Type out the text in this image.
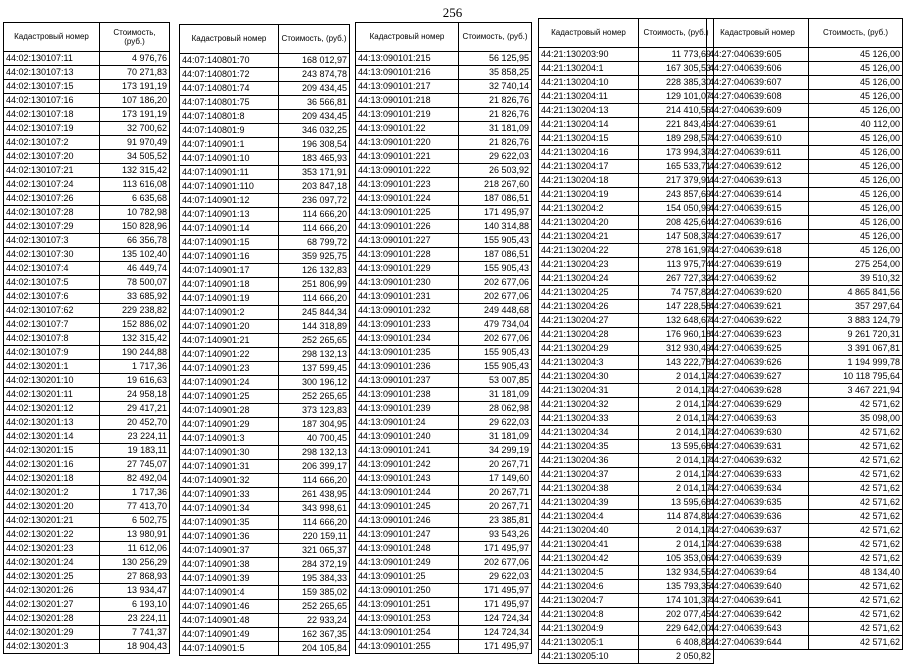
256
Кадастровый номер	Стоимость, (руб.)
44:02:130107:11	4 976,76
44:02:130107:13	70 271,83
44:02:130107:15	173 191,19
44:02:130107:16	107 186,20
44:02:130107:18	173 191,19
44:02:130107:19	32 700,62
44:02:130107:2	91 970,49
44:02:130107:20	34 505,52
44:02:130107:21	132 315,42
44:02:130107:24	113 616,08
44:02:130107:26	6 635,68
44:02:130107:28	10 782,98
44:02:130107:29	150 828,96
44:02:130107:3	66 356,78
44:02:130107:30	135 102,40
44:02:130107:4	46 449,74
44:02:130107:5	78 500,07
44:02:130107:6	33 685,92
44:02:130107:62	229 238,82
44:02:130107:7	152 886,02
44:02:130107:8	132 315,42
44:02:130107:9	190 244,88
44:02:130201:1	1 717,36
44:02:130201:10	19 616,63
44:02:130201:11	24 958,18
44:02:130201:12	29 417,21
44:02:130201:13	20 452,70
44:02:130201:14	23 224,11
44:02:130201:15	19 183,11
44:02:130201:16	27 745,07
44:02:130201:18	82 492,04
44:02:130201:2	1 717,36
44:02:130201:20	77 413,70
44:02:130201:21	6 502,75
44:02:130201:22	13 980,91
44:02:130201:23	11 612,06
44:02:130201:24	130 256,29
44:02:130201:25	27 868,93
44:02:130201:26	13 934,47
44:02:130201:27	6 193,10
44:02:130201:28	23 224,11
44:02:130201:29	7 741,37
44:02:130201:3	18 904,43
Кадастровый номер	Стоимость, (руб.)
44:07:140801:70	168 012,97
44:07:140801:72	243 874,78
44:07:140801:74	209 434,45
44:07:140801:75	36 566,81
44:07:140801:8	209 434,45
44:07:140801:9	346 032,25
44:07:140901:1	196 308,54
44:07:140901:10	183 465,93
44:07:140901:11	353 171,91
44:07:140901:110	203 847,18
44:07:140901:12	236 097,72
44:07:140901:13	114 666,20
44:07:140901:14	114 666,20
44:07:140901:15	68 799,72
44:07:140901:16	359 925,75
44:07:140901:17	126 132,83
44:07:140901:18	251 806,99
44:07:140901:19	114 666,20
44:07:140901:2	245 844,34
44:07:140901:20	144 318,89
44:07:140901:21	252 265,65
44:07:140901:22	298 132,13
44:07:140901:23	137 599,45
44:07:140901:24	300 196,12
44:07:140901:25	252 265,65
44:07:140901:28	373 123,83
44:07:140901:29	187 304,95
44:07:140901:3	40 700,45
44:07:140901:30	298 132,13
44:07:140901:31	206 399,17
44:07:140901:32	114 666,20
44:07:140901:33	261 438,95
44:07:140901:34	343 998,61
44:07:140901:35	114 666,20
44:07:140901:36	220 159,11
44:07:140901:37	321 065,37
44:07:140901:38	284 372,19
44:07:140901:39	195 384,33
44:07:140901:4	159 385,02
44:07:140901:46	252 265,65
44:07:140901:48	22 933,24
44:07:140901:49	162 367,35
44:07:140901:5	204 105,84
Кадастровый номер	Стоимость, (руб.)
44:13:090101:215	56 125,95
44:13:090101:216	35 858,25
44:13:090101:217	32 740,14
44:13:090101:218	21 826,76
44:13:090101:219	21 826,76
44:13:090101:22	31 181,09
44:13:090101:220	21 826,76
44:13:090101:221	29 622,03
44:13:090101:222	26 503,92
44:13:090101:223	218 267,60
44:13:090101:224	187 086,51
44:13:090101:225	171 495,97
44:13:090101:226	140 314,88
44:13:090101:227	155 905,43
44:13:090101:228	187 086,51
44:13:090101:229	155 905,43
44:13:090101:230	202 677,06
44:13:090101:231	202 677,06
44:13:090101:232	249 448,68
44:13:090101:233	479 734,04
44:13:090101:234	202 677,06
44:13:090101:235	155 905,43
44:13:090101:236	155 905,43
44:13:090101:237	53 007,85
44:13:090101:238	31 181,09
44:13:090101:239	28 062,98
44:13:090101:24	29 622,03
44:13:090101:240	31 181,09
44:13:090101:241	34 299,19
44:13:090101:242	20 267,71
44:13:090101:243	17 149,60
44:13:090101:244	20 267,71
44:13:090101:245	20 267,71
44:13:090101:246	23 385,81
44:13:090101:247	93 543,26
44:13:090101:248	171 495,97
44:13:090101:249	202 677,06
44:13:090101:25	29 622,03
44:13:090101:250	171 495,97
44:13:090101:251	171 495,97
44:13:090101:253	124 724,34
44:13:090101:254	124 724,34
44:13:090101:255	171 495,97
Кадастровый номер	Стоимость, (руб.)
44:21:130203:90	11 773,69
44:21:130204:1	167 305,53
44:21:130204:10	228 385,30
44:21:130204:11	129 101,07
44:21:130204:13	214 410,56
44:21:130204:14	221 843,46
44:21:130204:15	189 298,57
44:21:130204:16	173 994,37
44:21:130204:17	165 533,71
44:21:130204:18	217 379,91
44:21:130204:19	243 857,69
44:21:130204:2	154 050,99
44:21:130204:20	208 425,64
44:21:130204:21	147 508,37
44:21:130204:22	278 161,97
44:21:130204:23	113 975,74
44:21:130204:24	267 727,32
44:21:130204:25	74 757,82
44:21:130204:26	147 228,58
44:21:130204:27	132 648,67
44:21:130204:28	176 960,18
44:21:130204:29	312 930,49
44:21:130204:3	143 222,78
44:21:130204:30	2 014,17
44:21:130204:31	2 014,17
44:21:130204:32	2 014,17
44:21:130204:33	2 014,17
44:21:130204:34	2 014,17
44:21:130204:35	13 595,68
44:21:130204:36	2 014,17
44:21:130204:37	2 014,17
44:21:130204:38	2 014,17
44:21:130204:39	13 595,68
44:21:130204:4	114 874,81
44:21:130204:40	2 014,17
44:21:130204:41	2 014,17
44:21:130204:42	105 353,06
44:21:130204:5	132 934,55
44:21:130204:6	135 793,35
44:21:130204:7	174 101,37
44:21:130204:8	202 077,45
44:21:130204:9	229 642,00
44:21:130205:1	6 408,82
44:21:130205:10	2 050,82
Кадастровый номер	Стоимость, (руб.)
44:27:040639:605	45 126,00
44:27:040639:606	45 126,00
44:27:040639:607	45 126,00
44:27:040639:608	45 126,00
44:27:040639:609	45 126,00
44:27:040639:61	40 112,00
44:27:040639:610	45 126,00
44:27:040639:611	45 126,00
44:27:040639:612	45 126,00
44:27:040639:613	45 126,00
44:27:040639:614	45 126,00
44:27:040639:615	45 126,00
44:27:040639:616	45 126,00
44:27:040639:617	45 126,00
44:27:040639:618	45 126,00
44:27:040639:619	275 254,00
44:27:040639:62	39 510,32
44:27:040639:620	4 865 841,56
44:27:040639:621	357 297,64
44:27:040639:622	3 883 124,79
44:27:040639:623	9 261 720,31
44:27:040639:625	3 391 067,81
44:27:040639:626	1 194 999,78
44:27:040639:627	10 118 795,64
44:27:040639:628	3 467 221,94
44:27:040639:629	42 571,62
44:27:040639:63	35 098,00
44:27:040639:630	42 571,62
44:27:040639:631	42 571,62
44:27:040639:632	42 571,62
44:27:040639:633	42 571,62
44:27:040639:634	42 571,62
44:27:040639:635	42 571,62
44:27:040639:636	42 571,62
44:27:040639:637	42 571,62
44:27:040639:638	42 571,62
44:27:040639:639	42 571,62
44:27:040639:64	48 134,40
44:27:040639:640	42 571,62
44:27:040639:641	42 571,62
44:27:040639:642	42 571,62
44:27:040639:643	42 571,62
44:27:040639:644	42 571,62
